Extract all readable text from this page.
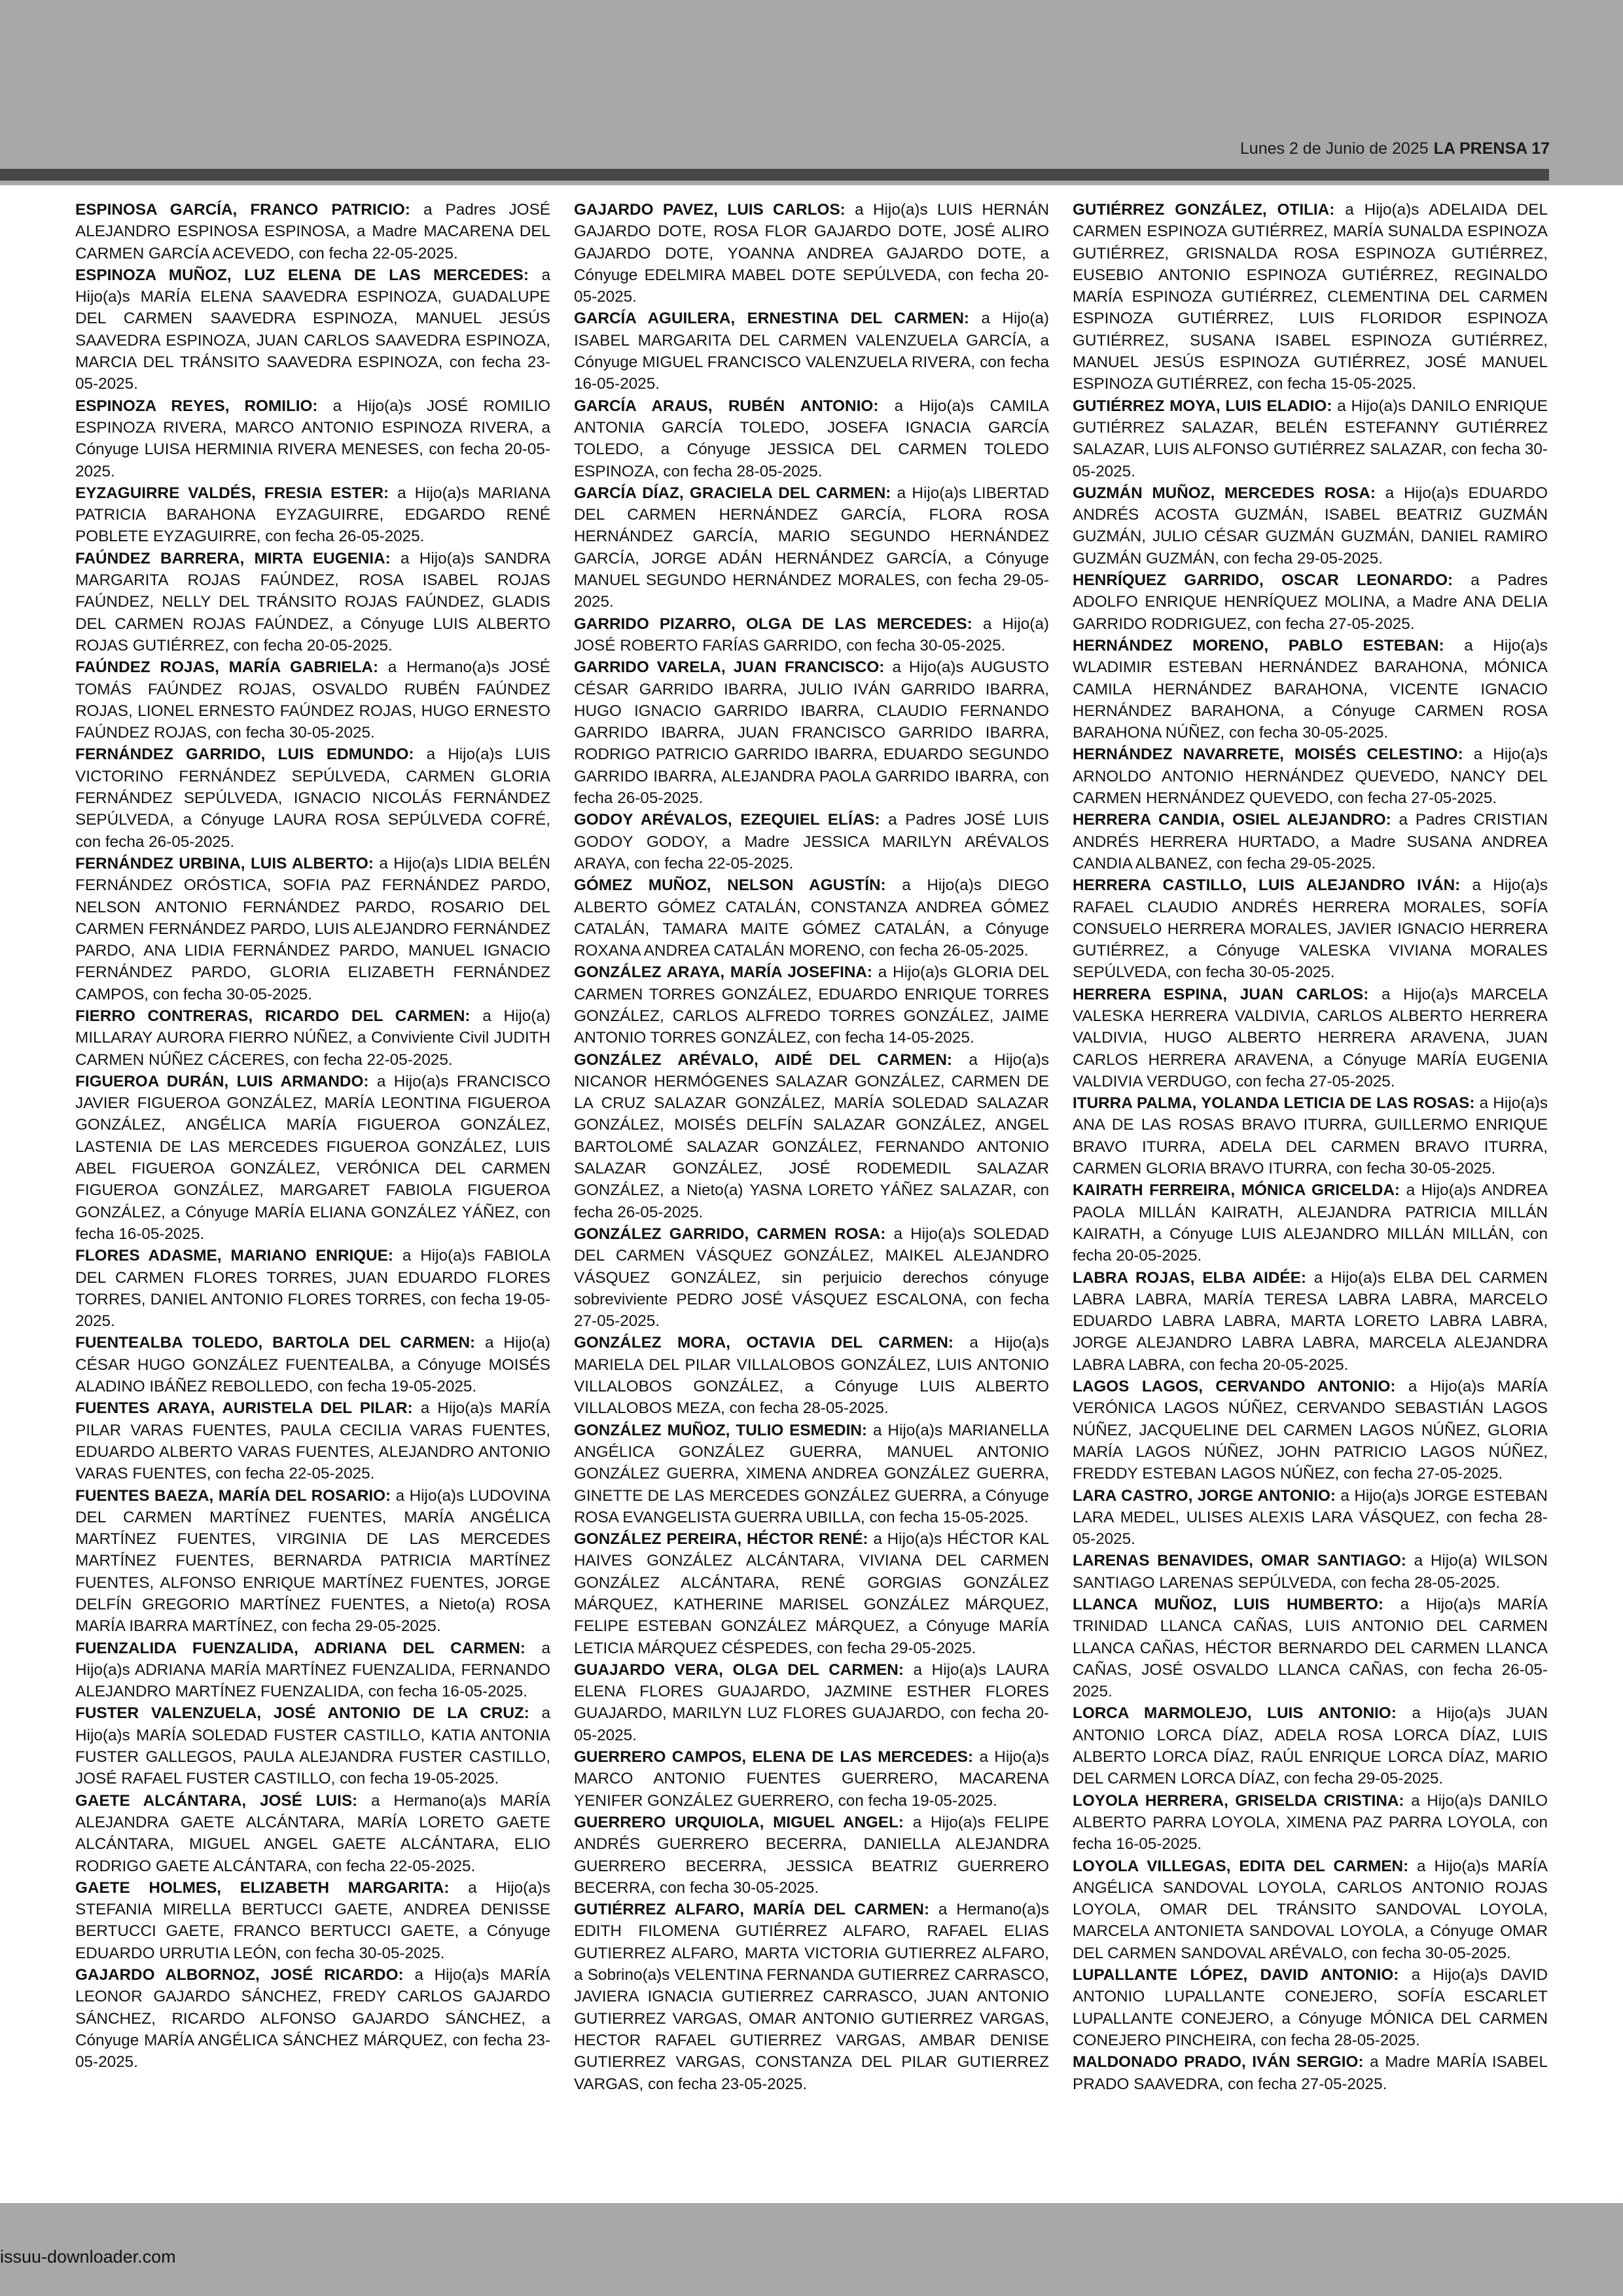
Lunes 2 de Junio de 2025 LA PRENSA 17

ESPINOSA GARCÍA, FRANCO PATRICIO: a Padres JOSÉ ALEJANDRO ESPINOSA ESPINOSA, a Madre MACARENA DEL CARMEN GARCÍA ACEVEDO, con fecha 22-05-2025.

ESPINOZA MUÑOZ, LUZ ELENA DE LAS MERCEDES: a Hijo(a)s MARÍA ELENA SAAVEDRA ESPINOZA, GUADALUPE DEL CARMEN SAAVEDRA ESPINOZA, MANUEL JESÚS SAAVEDRA ESPINOZA, JUAN CARLOS SAAVEDRA ESPINOZA, MARCIA DEL TRÁNSITO SAAVEDRA ESPINOZA, con fecha 23-05-2025.

ESPINOZA REYES, ROMILIO: a Hijo(a)s JOSÉ ROMILIO ESPINOZA RIVERA, MARCO ANTONIO ESPINOZA RIVERA, a Cónyuge LUISA HERMINIA RIVERA MENESES, con fecha 20-05-2025.

EYZAGUIRRE VALDÉS, FRESIA ESTER: a Hijo(a)s MARIANA PATRICIA BARAHONA EYZAGUIRRE, EDGARDO RENÉ POBLETE EYZAGUIRRE, con fecha 26-05-2025.

FAÚNDEZ BARRERA, MIRTA EUGENIA: a Hijo(a)s SANDRA MARGARITA ROJAS FAÚNDEZ, ROSA ISABEL ROJAS FAÚNDEZ, NELLY DEL TRÁNSITO ROJAS FAÚNDEZ, GLADIS DEL CARMEN ROJAS FAÚNDEZ, a Cónyuge LUIS ALBERTO ROJAS GUTIÉRREZ, con fecha 20-05-2025.

FAÚNDEZ ROJAS, MARÍA GABRIELA: a Hermano(a)s JOSÉ TOMÁS FAÚNDEZ ROJAS, OSVALDO RUBÉN FAÚNDEZ ROJAS, LIONEL ERNESTO FAÚNDEZ ROJAS, HUGO ERNESTO FAÚNDEZ ROJAS, con fecha 30-05-2025.

FERNÁNDEZ GARRIDO, LUIS EDMUNDO: a Hijo(a)s LUIS VICTORINO FERNÁNDEZ SEPÚLVEDA, CARMEN GLORIA FERNÁNDEZ SEPÚLVEDA, IGNACIO NICOLÁS FERNÁNDEZ SEPÚLVEDA, a Cónyuge LAURA ROSA SEPÚLVEDA COFRÉ, con fecha 26-05-2025.

FERNÁNDEZ URBINA, LUIS ALBERTO: a Hijo(a)s LIDIA BELÉN FERNÁNDEZ ORÓSTICA, SOFIA PAZ FERNÁNDEZ PARDO, NELSON ANTONIO FERNÁNDEZ PARDO, ROSARIO DEL CARMEN FERNÁNDEZ PARDO, LUIS ALEJANDRO FERNÁNDEZ PARDO, ANA LIDIA FERNÁNDEZ PARDO, MANUEL IGNACIO FERNÁNDEZ PARDO, GLORIA ELIZABETH FERNÁNDEZ CAMPOS, con fecha 30-05-2025.

FIERRO CONTRERAS, RICARDO DEL CARMEN: a Hijo(a) MILLARAY AURORA FIERRO NÚÑEZ, a Conviviente Civil JUDITH CARMEN NÚÑEZ CÁCERES, con fecha 22-05-2025.

FIGUEROA DURÁN, LUIS ARMANDO: a Hijo(a)s FRANCISCO JAVIER FIGUEROA GONZÁLEZ, MARÍA LEONTINA FIGUEROA GONZÁLEZ, ANGÉLICA MARÍA FIGUEROA GONZÁLEZ, LASTENIA DE LAS MERCEDES FIGUEROA GONZÁLEZ, LUIS ABEL FIGUEROA GONZÁLEZ, VERÓNICA DEL CARMEN FIGUEROA GONZÁLEZ, MARGARET FABIOLA FIGUEROA GONZÁLEZ, a Cónyuge MARÍA ELIANA GONZÁLEZ YÁÑEZ, con fecha 16-05-2025.

FLORES ADASME, MARIANO ENRIQUE: a Hijo(a)s FABIOLA DEL CARMEN FLORES TORRES, JUAN EDUARDO FLORES TORRES, DANIEL ANTONIO FLORES TORRES, con fecha 19-05-2025.

FUENTEALBA TOLEDO, BARTOLA DEL CARMEN: a Hijo(a) CÉSAR HUGO GONZÁLEZ FUENTEALBA, a Cónyuge MOISÉS ALADINO IBÁÑEZ REBOLLEDO, con fecha 19-05-2025.

FUENTES ARAYA, AURISTELA DEL PILAR: a Hijo(a)s MARÍA PILAR VARAS FUENTES, PAULA CECILIA VARAS FUENTES, EDUARDO ALBERTO VARAS FUENTES, ALEJANDRO ANTONIO VARAS FUENTES, con fecha 22-05-2025.

FUENTES BAEZA, MARÍA DEL ROSARIO: a Hijo(a)s LUDOVINA DEL CARMEN MARTÍNEZ FUENTES, MARÍA ANGÉLICA MARTÍNEZ FUENTES, VIRGINIA DE LAS MERCEDES MARTÍNEZ FUENTES, BERNARDA PATRICIA MARTÍNEZ FUENTES, ALFONSO ENRIQUE MARTÍNEZ FUENTES, JORGE DELFÍN GREGORIO MARTÍNEZ FUENTES, a Nieto(a) ROSA MARÍA IBARRA MARTÍNEZ, con fecha 29-05-2025.

FUENZALIDA FUENZALIDA, ADRIANA DEL CARMEN: a Hijo(a)s ADRIANA MARÍA MARTÍNEZ FUENZALIDA, FERNANDO ALEJANDRO MARTÍNEZ FUENZALIDA, con fecha 16-05-2025.

FUSTER VALENZUELA, JOSÉ ANTONIO DE LA CRUZ: a Hijo(a)s MARÍA SOLEDAD FUSTER CASTILLO, KATIA ANTONIA FUSTER GALLEGOS, PAULA ALEJANDRA FUSTER CASTILLO, JOSÉ RAFAEL FUSTER CASTILLO, con fecha 19-05-2025.

GAETE ALCÁNTARA, JOSÉ LUIS: a Hermano(a)s MARÍA ALEJANDRA GAETE ALCÁNTARA, MARÍA LORETO GAETE ALCÁNTARA, MIGUEL ANGEL GAETE ALCÁNTARA, ELIO RODRIGO GAETE ALCÁNTARA, con fecha 22-05-2025.

GAETE HOLMES, ELIZABETH MARGARITA: a Hijo(a)s STEFANIA MIRELLA BERTUCCI GAETE, ANDREA DENISSE BERTUCCI GAETE, FRANCO BERTUCCI GAETE, a Cónyuge EDUARDO URRUTIA LEÓN, con fecha 30-05-2025.

GAJARDO ALBORNOZ, JOSÉ RICARDO: a Hijo(a)s MARÍA LEONOR GAJARDO SÁNCHEZ, FREDY CARLOS GAJARDO SÁNCHEZ, RICARDO ALFONSO GAJARDO SÁNCHEZ, a Cónyuge MARÍA ANGÉLICA SÁNCHEZ MÁRQUEZ, con fecha 23-05-2025.

GAJARDO PAVEZ, LUIS CARLOS: a Hijo(a)s LUIS HERNÁN GAJARDO DOTE, ROSA FLOR GAJARDO DOTE, JOSÉ ALIRO GAJARDO DOTE, YOANNA ANDREA GAJARDO DOTE, a Cónyuge EDELMIRA MABEL DOTE SEPÚLVEDA, con fecha 20-05-2025.

GARCÍA AGUILERA, ERNESTINA DEL CARMEN: a Hijo(a) ISABEL MARGARITA DEL CARMEN VALENZUELA GARCÍA, a Cónyuge MIGUEL FRANCISCO VALENZUELA RIVERA, con fecha 16-05-2025.

GARCÍA ARAUS, RUBÉN ANTONIO: a Hijo(a)s CAMILA ANTONIA GARCÍA TOLEDO, JOSEFA IGNACIA GARCÍA TOLEDO, a Cónyuge JESSICA DEL CARMEN TOLEDO ESPINOZA, con fecha 28-05-2025.

GARCÍA DÍAZ, GRACIELA DEL CARMEN: a Hijo(a)s LIBERTAD DEL CARMEN HERNÁNDEZ GARCÍA, FLORA ROSA HERNÁNDEZ GARCÍA, MARIO SEGUNDO HERNÁNDEZ GARCÍA, JORGE ADÁN HERNÁNDEZ GARCÍA, a Cónyuge MANUEL SEGUNDO HERNÁNDEZ MORALES, con fecha 29-05-2025.

GARRIDO PIZARRO, OLGA DE LAS MERCEDES: a Hijo(a) JOSÉ ROBERTO FARÍAS GARRIDO, con fecha 30-05-2025.

GARRIDO VARELA, JUAN FRANCISCO: a Hijo(a)s AUGUSTO CÉSAR GARRIDO IBARRA, JULIO IVÁN GARRIDO IBARRA, HUGO IGNACIO GARRIDO IBARRA, CLAUDIO FERNANDO GARRIDO IBARRA, JUAN FRANCISCO GARRIDO IBARRA, RODRIGO PATRICIO GARRIDO IBARRA, EDUARDO SEGUNDO GARRIDO IBARRA, ALEJANDRA PAOLA GARRIDO IBARRA, con fecha 26-05-2025.

GODOY ARÉVALOS, EZEQUIEL ELÍAS: a Padres JOSÉ LUIS GODOY GODOY, a Madre JESSICA MARILYN ARÉVALOS ARAYA, con fecha 22-05-2025.

GÓMEZ MUÑOZ, NELSON AGUSTÍN: a Hijo(a)s DIEGO ALBERTO GÓMEZ CATALÁN, CONSTANZA ANDREA GÓMEZ CATALÁN, TAMARA MAITE GÓMEZ CATALÁN, a Cónyuge ROXANA ANDREA CATALÁN MORENO, con fecha 26-05-2025.

GONZÁLEZ ARAYA, MARÍA JOSEFINA: a Hijo(a)s GLORIA DEL CARMEN TORRES GONZÁLEZ, EDUARDO ENRIQUE TORRES GONZÁLEZ, CARLOS ALFREDO TORRES GONZÁLEZ, JAIME ANTONIO TORRES GONZÁLEZ, con fecha 14-05-2025.

GONZÁLEZ ARÉVALO, AIDÉ DEL CARMEN: a Hijo(a)s NICANOR HERMÓGENES SALAZAR GONZÁLEZ, CARMEN DE LA CRUZ SALAZAR GONZÁLEZ, MARÍA SOLEDAD SALAZAR GONZÁLEZ, MOISÉS DELFÍN SALAZAR GONZÁLEZ, ANGEL BARTOLOMÉ SALAZAR GONZÁLEZ, FERNANDO ANTONIO SALAZAR GONZÁLEZ, JOSÉ RODEMEDIL SALAZAR GONZÁLEZ, a Nieto(a) YASNA LORETO YÁÑEZ SALAZAR, con fecha 26-05-2025.

GONZÁLEZ GARRIDO, CARMEN ROSA: a Hijo(a)s SOLEDAD DEL CARMEN VÁSQUEZ GONZÁLEZ, MAIKEL ALEJANDRO VÁSQUEZ GONZÁLEZ, sin perjuicio derechos cónyuge sobreviviente PEDRO JOSÉ VÁSQUEZ ESCALONA, con fecha 27-05-2025.

GONZÁLEZ MORA, OCTAVIA DEL CARMEN: a Hijo(a)s MARIELA DEL PILAR VILLALOBOS GONZÁLEZ, LUIS ANTONIO VILLALOBOS GONZÁLEZ, a Cónyuge LUIS ALBERTO VILLALOBOS MEZA, con fecha 28-05-2025.

GONZÁLEZ MUÑOZ, TULIO ESMEDIN: a Hijo(a)s MARIANELLA ANGÉLICA GONZÁLEZ GUERRA, MANUEL ANTONIO GONZÁLEZ GUERRA, XIMENA ANDREA GONZÁLEZ GUERRA, GINETTE DE LAS MERCEDES GONZÁLEZ GUERRA, a Cónyuge ROSA EVANGELISTA GUERRA UBILLA, con fecha 15-05-2025.

GONZÁLEZ PEREIRA, HÉCTOR RENÉ: a Hijo(a)s HÉCTOR KAL HAIVES GONZÁLEZ ALCÁNTARA, VIVIANA DEL CARMEN GONZÁLEZ ALCÁNTARA, RENÉ GORGIAS GONZÁLEZ MÁRQUEZ, KATHERINE MARISEL GONZÁLEZ MÁRQUEZ, FELIPE ESTEBAN GONZÁLEZ MÁRQUEZ, a Cónyuge MARÍA LETICIA MÁRQUEZ CÉSPEDES, con fecha 29-05-2025.

GUAJARDO VERA, OLGA DEL CARMEN: a Hijo(a)s LAURA ELENA FLORES GUAJARDO, JAZMINE ESTHER FLORES GUAJARDO, MARILYN LUZ FLORES GUAJARDO, con fecha 20-05-2025.

GUERRERO CAMPOS, ELENA DE LAS MERCEDES: a Hijo(a)s MARCO ANTONIO FUENTES GUERRERO, MACARENA YENIFER GONZÁLEZ GUERRERO, con fecha 19-05-2025.

GUERRERO URQUIOLA, MIGUEL ANGEL: a Hijo(a)s FELIPE ANDRÉS GUERRERO BECERRA, DANIELLA ALEJANDRA GUERRERO BECERRA, JESSICA BEATRIZ GUERRERO BECERRA, con fecha 30-05-2025.

GUTIÉRREZ ALFARO, MARÍA DEL CARMEN: a Hermano(a)s EDITH FILOMENA GUTIÉRREZ ALFARO, RAFAEL ELIAS GUTIERREZ ALFARO, MARTA VICTORIA GUTIERREZ ALFARO, a Sobrino(a)s VELENTINA FERNANDA GUTIERREZ CARRASCO, JAVIERA IGNACIA GUTIERREZ CARRASCO, JUAN ANTONIO GUTIERREZ VARGAS, OMAR ANTONIO GUTIERREZ VARGAS, HECTOR RAFAEL GUTIERREZ VARGAS, AMBAR DENISE GUTIERREZ VARGAS, CONSTANZA DEL PILAR GUTIERREZ VARGAS, con fecha 23-05-2025.

GUTIÉRREZ GONZÁLEZ, OTILIA: a Hijo(a)s ADELAIDA DEL CARMEN ESPINOZA GUTIÉRREZ, MARÍA SUNALDA ESPINOZA GUTIÉRREZ, GRISNALDA ROSA ESPINOZA GUTIÉRREZ, EUSEBIO ANTONIO ESPINOZA GUTIÉRREZ, REGINALDO MARÍA ESPINOZA GUTIÉRREZ, CLEMENTINA DEL CARMEN ESPINOZA GUTIÉRREZ, LUIS FLORIDOR ESPINOZA GUTIÉRREZ, SUSANA ISABEL ESPINOZA GUTIÉRREZ, MANUEL JESÚS ESPINOZA GUTIÉRREZ, JOSÉ MANUEL ESPINOZA GUTIÉRREZ, con fecha 15-05-2025.

GUTIÉRREZ MOYA, LUIS ELADIO: a Hijo(a)s DANILO ENRIQUE GUTIÉRREZ SALAZAR, BELÉN ESTEFANNY GUTIÉRREZ SALAZAR, LUIS ALFONSO GUTIÉRREZ SALAZAR, con fecha 30-05-2025.

GUZMÁN MUÑOZ, MERCEDES ROSA: a Hijo(a)s EDUARDO ANDRÉS ACOSTA GUZMÁN, ISABEL BEATRIZ GUZMÁN GUZMÁN, JULIO CÉSAR GUZMÁN GUZMÁN, DANIEL RAMIRO GUZMÁN GUZMÁN, con fecha 29-05-2025.

HENRÍQUEZ GARRIDO, OSCAR LEONARDO: a Padres ADOLFO ENRIQUE HENRÍQUEZ MOLINA, a Madre ANA DELIA GARRIDO RODRIGUEZ, con fecha 27-05-2025.

HERNÁNDEZ MORENO, PABLO ESTEBAN: a Hijo(a)s WLADIMIR ESTEBAN HERNÁNDEZ BARAHONA, MÓNICA CAMILA HERNÁNDEZ BARAHONA, VICENTE IGNACIO HERNÁNDEZ BARAHONA, a Cónyuge CARMEN ROSA BARAHONA NÚÑEZ, con fecha 30-05-2025.

HERNÁNDEZ NAVARRETE, MOISÉS CELESTINO: a Hijo(a)s ARNOLDO ANTONIO HERNÁNDEZ QUEVEDO, NANCY DEL CARMEN HERNÁNDEZ QUEVEDO, con fecha 27-05-2025.

HERRERA CANDIA, OSIEL ALEJANDRO: a Padres CRISTIAN ANDRÉS HERRERA HURTADO, a Madre SUSANA ANDREA CANDIA ALBANEZ, con fecha 29-05-2025.

HERRERA CASTILLO, LUIS ALEJANDRO IVÁN: a Hijo(a)s RAFAEL CLAUDIO ANDRÉS HERRERA MORALES, SOFÍA CONSUELO HERRERA MORALES, JAVIER IGNACIO HERRERA GUTIÉRREZ, a Cónyuge VALESKA VIVIANA MORALES SEPÚLVEDA, con fecha 30-05-2025.

HERRERA ESPINA, JUAN CARLOS: a Hijo(a)s MARCELA VALESKA HERRERA VALDIVIA, CARLOS ALBERTO HERRERA VALDIVIA, HUGO ALBERTO HERRERA ARAVENA, JUAN CARLOS HERRERA ARAVENA, a Cónyuge MARÍA EUGENIA VALDIVIA VERDUGO, con fecha 27-05-2025.

ITURRA PALMA, YOLANDA LETICIA DE LAS ROSAS: a Hijo(a)s ANA DE LAS ROSAS BRAVO ITURRA, GUILLERMO ENRIQUE BRAVO ITURRA, ADELA DEL CARMEN BRAVO ITURRA, CARMEN GLORIA BRAVO ITURRA, con fecha 30-05-2025.

KAIRATH FERREIRA, MÓNICA GRICELDA: a Hijo(a)s ANDREA PAOLA MILLÁN KAIRATH, ALEJANDRA PATRICIA MILLÁN KAIRATH, a Cónyuge LUIS ALEJANDRO MILLÁN MILLÁN, con fecha 20-05-2025.

LABRA ROJAS, ELBA AIDÉE: a Hijo(a)s ELBA DEL CARMEN LABRA LABRA, MARÍA TERESA LABRA LABRA, MARCELO EDUARDO LABRA LABRA, MARTA LORETO LABRA LABRA, JORGE ALEJANDRO LABRA LABRA, MARCELA ALEJANDRA LABRA LABRA, con fecha 20-05-2025.

LAGOS LAGOS, CERVANDO ANTONIO: a Hijo(a)s MARÍA VERÓNICA LAGOS NÚÑEZ, CERVANDO SEBASTIÁN LAGOS NÚÑEZ, JACQUELINE DEL CARMEN LAGOS NÚÑEZ, GLORIA MARÍA LAGOS NÚÑEZ, JOHN PATRICIO LAGOS NÚÑEZ, FREDDY ESTEBAN LAGOS NÚÑEZ, con fecha 27-05-2025.

LARA CASTRO, JORGE ANTONIO: a Hijo(a)s JORGE ESTEBAN LARA MEDEL, ULISES ALEXIS LARA VÁSQUEZ, con fecha 28-05-2025.

LARENAS BENAVIDES, OMAR SANTIAGO: a Hijo(a) WILSON SANTIAGO LARENAS SEPÚLVEDA, con fecha 28-05-2025.

LLANCA MUÑOZ, LUIS HUMBERTO: a Hijo(a)s MARÍA TRINIDAD LLANCA CAÑAS, LUIS ANTONIO DEL CARMEN LLANCA CAÑAS, HÉCTOR BERNARDO DEL CARMEN LLANCA CAÑAS, JOSÉ OSVALDO LLANCA CAÑAS, con fecha 26-05-2025.

LORCA MARMOLEJO, LUIS ANTONIO: a Hijo(a)s JUAN ANTONIO LORCA DÍAZ, ADELA ROSA LORCA DÍAZ, LUIS ALBERTO LORCA DÍAZ, RAÚL ENRIQUE LORCA DÍAZ, MARIO DEL CARMEN LORCA DÍAZ, con fecha 29-05-2025.

LOYOLA HERRERA, GRISELDA CRISTINA: a Hijo(a)s DANILO ALBERTO PARRA LOYOLA, XIMENA PAZ PARRA LOYOLA, con fecha 16-05-2025.

LOYOLA VILLEGAS, EDITA DEL CARMEN: a Hijo(a)s MARÍA ANGÉLICA SANDOVAL LOYOLA, CARLOS ANTONIO ROJAS LOYOLA, OMAR DEL TRÁNSITO SANDOVAL LOYOLA, MARCELA ANTONIETA SANDOVAL LOYOLA, a Cónyuge OMAR DEL CARMEN SANDOVAL ARÉVALO, con fecha 30-05-2025.

LUPALLANTE LÓPEZ, DAVID ANTONIO: a Hijo(a)s DAVID ANTONIO LUPALLANTE CONEJERO, SOFÍA ESCARLET LUPALLANTE CONEJERO, a Cónyuge MÓNICA DEL CARMEN CONEJERO PINCHEIRA, con fecha 28-05-2025.

MALDONADO PRADO, IVÁN SERGIO: a Madre MARÍA ISABEL PRADO SAAVEDRA, con fecha 27-05-2025.

issuu-downloader.com
